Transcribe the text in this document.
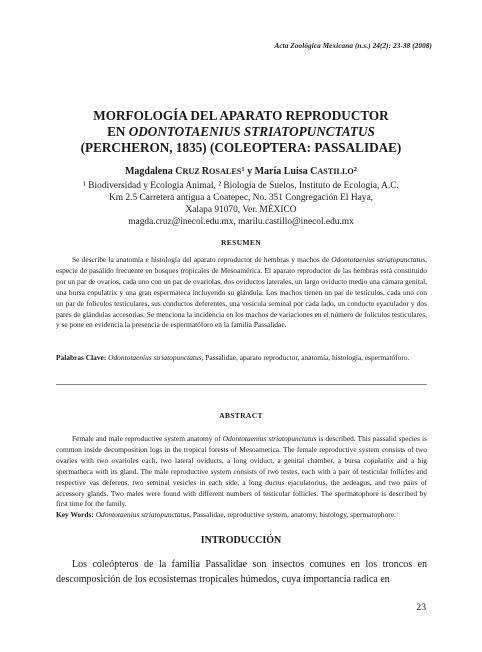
Acta Zoológica Mexicana (n.s.) 24(2): 23-38 (2008)
MORFOLOGÍA DEL APARATO REPRODUCTOR
EN ODONTOTAENIUS STRIATOPUNCTATUS
(PERCHERON, 1835) (COLEOPTERA: PASSALIDAE)
Magdalena CRUZ ROSALES$^1$ y María Luisa CASTILLO$^2$
¹ Biodiversidad y Ecología Animal, ² Biología de Suelos, Instituto de Ecología, A.C.
Km 2.5 Carretera antigua a Coatepec, No. 351 Congregación El Haya,
Xalapa 91070, Ver. MÉXICO
magda.cruz@inecol.edu.mx, marilu.castillo@inecol.edu.mx
RESUMEN
Se describe la anatomía e histología del aparato reproductor de hembras y machos de Odontotaenius striatopunctatus, especie de pasálido frecuente en bosques tropicales de Mesoamérica. El aparato reproductor de las hembras está constituido por un par de ovarios, cada uno con un par de ovariolas, dos oviductos laterales, un largo oviducto medio una cámara genital, una bursa copulatrix y una gran espermateca incluyendo su glándula. Los machos tienen un par de testículos, cada uno con un par de folículos testiculares, sus conductos deferentes, una vesícula seminal por cada lado, un conducto eyaculador y dos pares de glándulas accesorias. Se menciona la incidencia en los machos de variaciones en el número de folículos testiculares, y se pone en evidencia la presencia de espermatóforo en la familia Passalidae.
Palabras Clave: Odontotaenius striatopunctatus, Passalidae, aparato reproductor, anatomía, histología, espermatóforo.
ABSTRACT
Female and male reproductive system anatomy of Odontotaenius striatopunctatus is described. This passalid species is common inside decomposition logs in the tropical forests of Mesoamerica. The female reproductive system consists of two ovaries with two ovarioles each, two lateral oviducts, a long oviduct, a genital chamber, a bursa copulatrix and a big spermatheca with its gland. The male reproductive system consists of two testes, each with a pair of testicular follicles and respective vas deferens, two seminal vesicles in each side, a long ductus ejaculatorius, the aedeagus, and two pairs of accessory glands. Two males were found with different numbers of testicular follicles. The spermatophore is described by first time for the family.
Key Words: Odontotaenius striatopunctatus, Passalidae, reproductive system, anatomy, histology, spermatophore.
INTRODUCCIÓN
Los coleópteros de la familia Passalidae son insectos comunes en los troncos en descomposición de los ecosistemas tropicales húmedos, cuya importancia radica en
23
